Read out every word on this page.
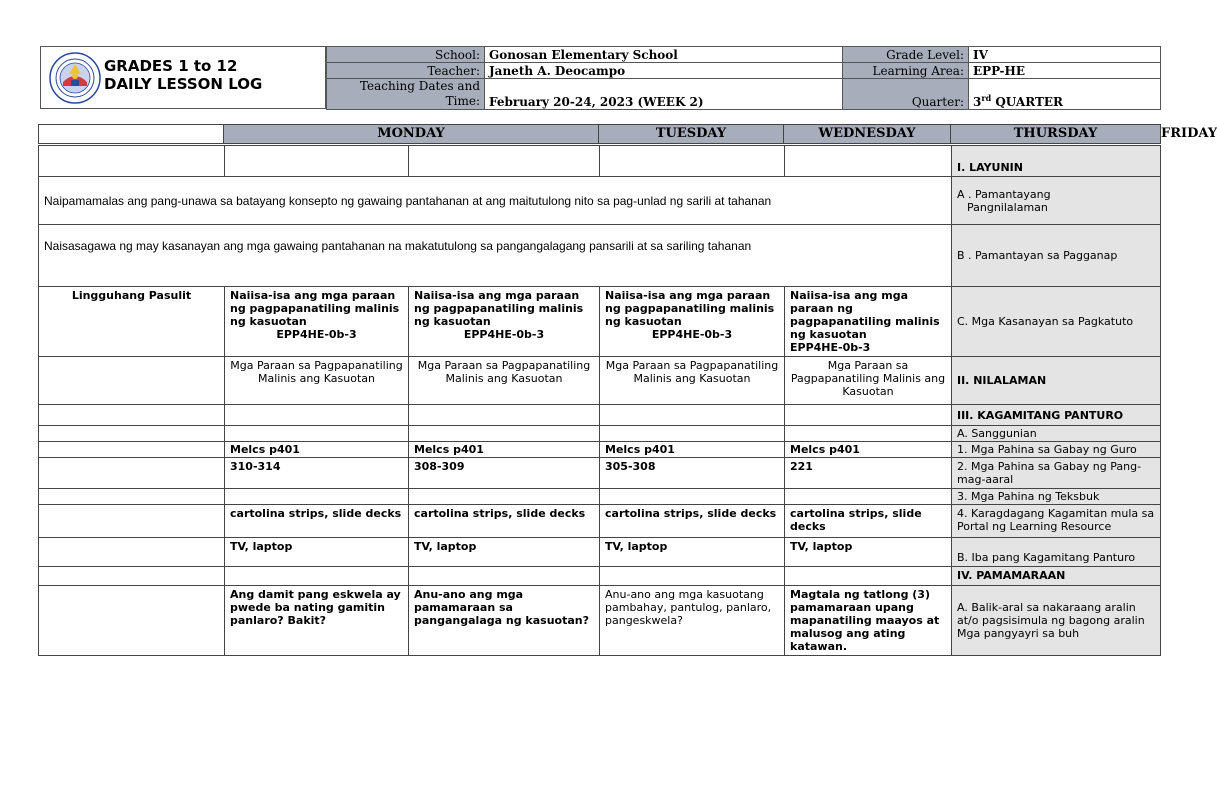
GRADES 1 to 12
DAILY LESSON LOG
School:	Gonosan Elementary School	Grade Level:	IV
Teacher:	Janeth A. Deocampo	Learning Area:	EPP-HE

Teaching Dates and
Time:	February 20-24, 2023 (WEEK 2)	Quarter:	3rd QUARTER
	MONDAY	TUESDAY	WEDNESDAY	THURSDAY	FRIDAY
					I. LAYUNIN
Naipamamalas ang pang-unawa sa batayang konsepto ng gawaing pantahanan at ang maitutulong nito sa pag-unlad ng sarili at tahanan					A . Pamantayang
Pangnilalaman

Naisasagawa ng may kasanayan ang mga gawaing pantahanan na makatutulong sa pangangalagang pansarili at sa sariling tahanan					B . Pamantayan sa Pagganap
Lingguhang Pasulit	Naiisa-isa ang mga paraan ng pagpapanatiling malinis ng kasuotan
EPP4HE-0b-3	Naiisa-isa ang mga paraan ng pagpapanatiling malinis ng kasuotan
EPP4HE-0b-3	Naiisa-isa ang mga paraan ng pagpapanatiling malinis ng kasuotan
EPP4HE-0b-3	Naiisa-isa ang mga paraan ng pagpapanatiling malinis ng kasuotan
EPP4HE-0b-3	C. Mga Kasanayan sa Pagkatuto
	Mga Paraan sa Pagpapanatiling Malinis ang Kasuotan	Mga Paraan sa Pagpapanatiling Malinis ang Kasuotan	Mga Paraan sa Pagpapanatiling Malinis ang Kasuotan	Mga Paraan sa Pagpapanatiling Malinis ang Kasuotan	II. NILALAMAN
					III. KAGAMITANG PANTURO
					A. Sanggunian
	Melcs p401	Melcs p401	Melcs p401	Melcs p401	1. Mga Pahina sa Gabay ng Guro
	310-314	308-309	305-308	221	2. Mga Pahina sa Gabay ng Pang-mag-aaral
					3. Mga Pahina ng Teksbuk
	cartolina strips, slide decks	cartolina strips, slide decks	cartolina strips, slide decks	cartolina strips, slide decks	4. Karagdagang Kagamitan mula sa Portal ng Learning Resource
	TV, laptop	TV, laptop	TV, laptop	TV, laptop	B. Iba pang Kagamitang Panturo
					IV. PAMAMARAAN
	Ang damit pang eskwela ay pwede ba nating gamitin panlaro? Bakit?	Anu-ano ang mga pamamaraan sa pangangalaga ng kasuotan?	Anu-ano ang mga kasuotang pambahay, pantulog, panlaro, pangeskwela?	Magtala ng tatlong (3) pamamaraan upang mapanatiling maayos at malusog ang ating katawan.	A. Balik-aral sa nakaraang aralin at/o pagsisimula ng bagong aralin
Mga pangyayri sa buh
